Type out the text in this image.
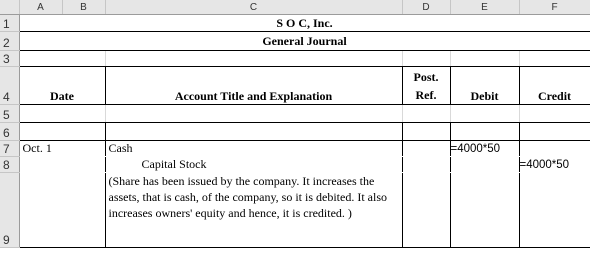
	A	B	C	D	E	F
1	S O C, Inc.					
2	General Journal					
3						
4	Date		Account Title and Explanation	Post. Ref.	Debit	Credit
5						
6						
7	Oct. 1		Cash		=4000*50	
8			Capital Stock			=4000*50
9			(Share has been issued by the company. It increases the assets, that is cash, of the company, so it is debited. It also increases owners' equity and hence, it is credited. )			
